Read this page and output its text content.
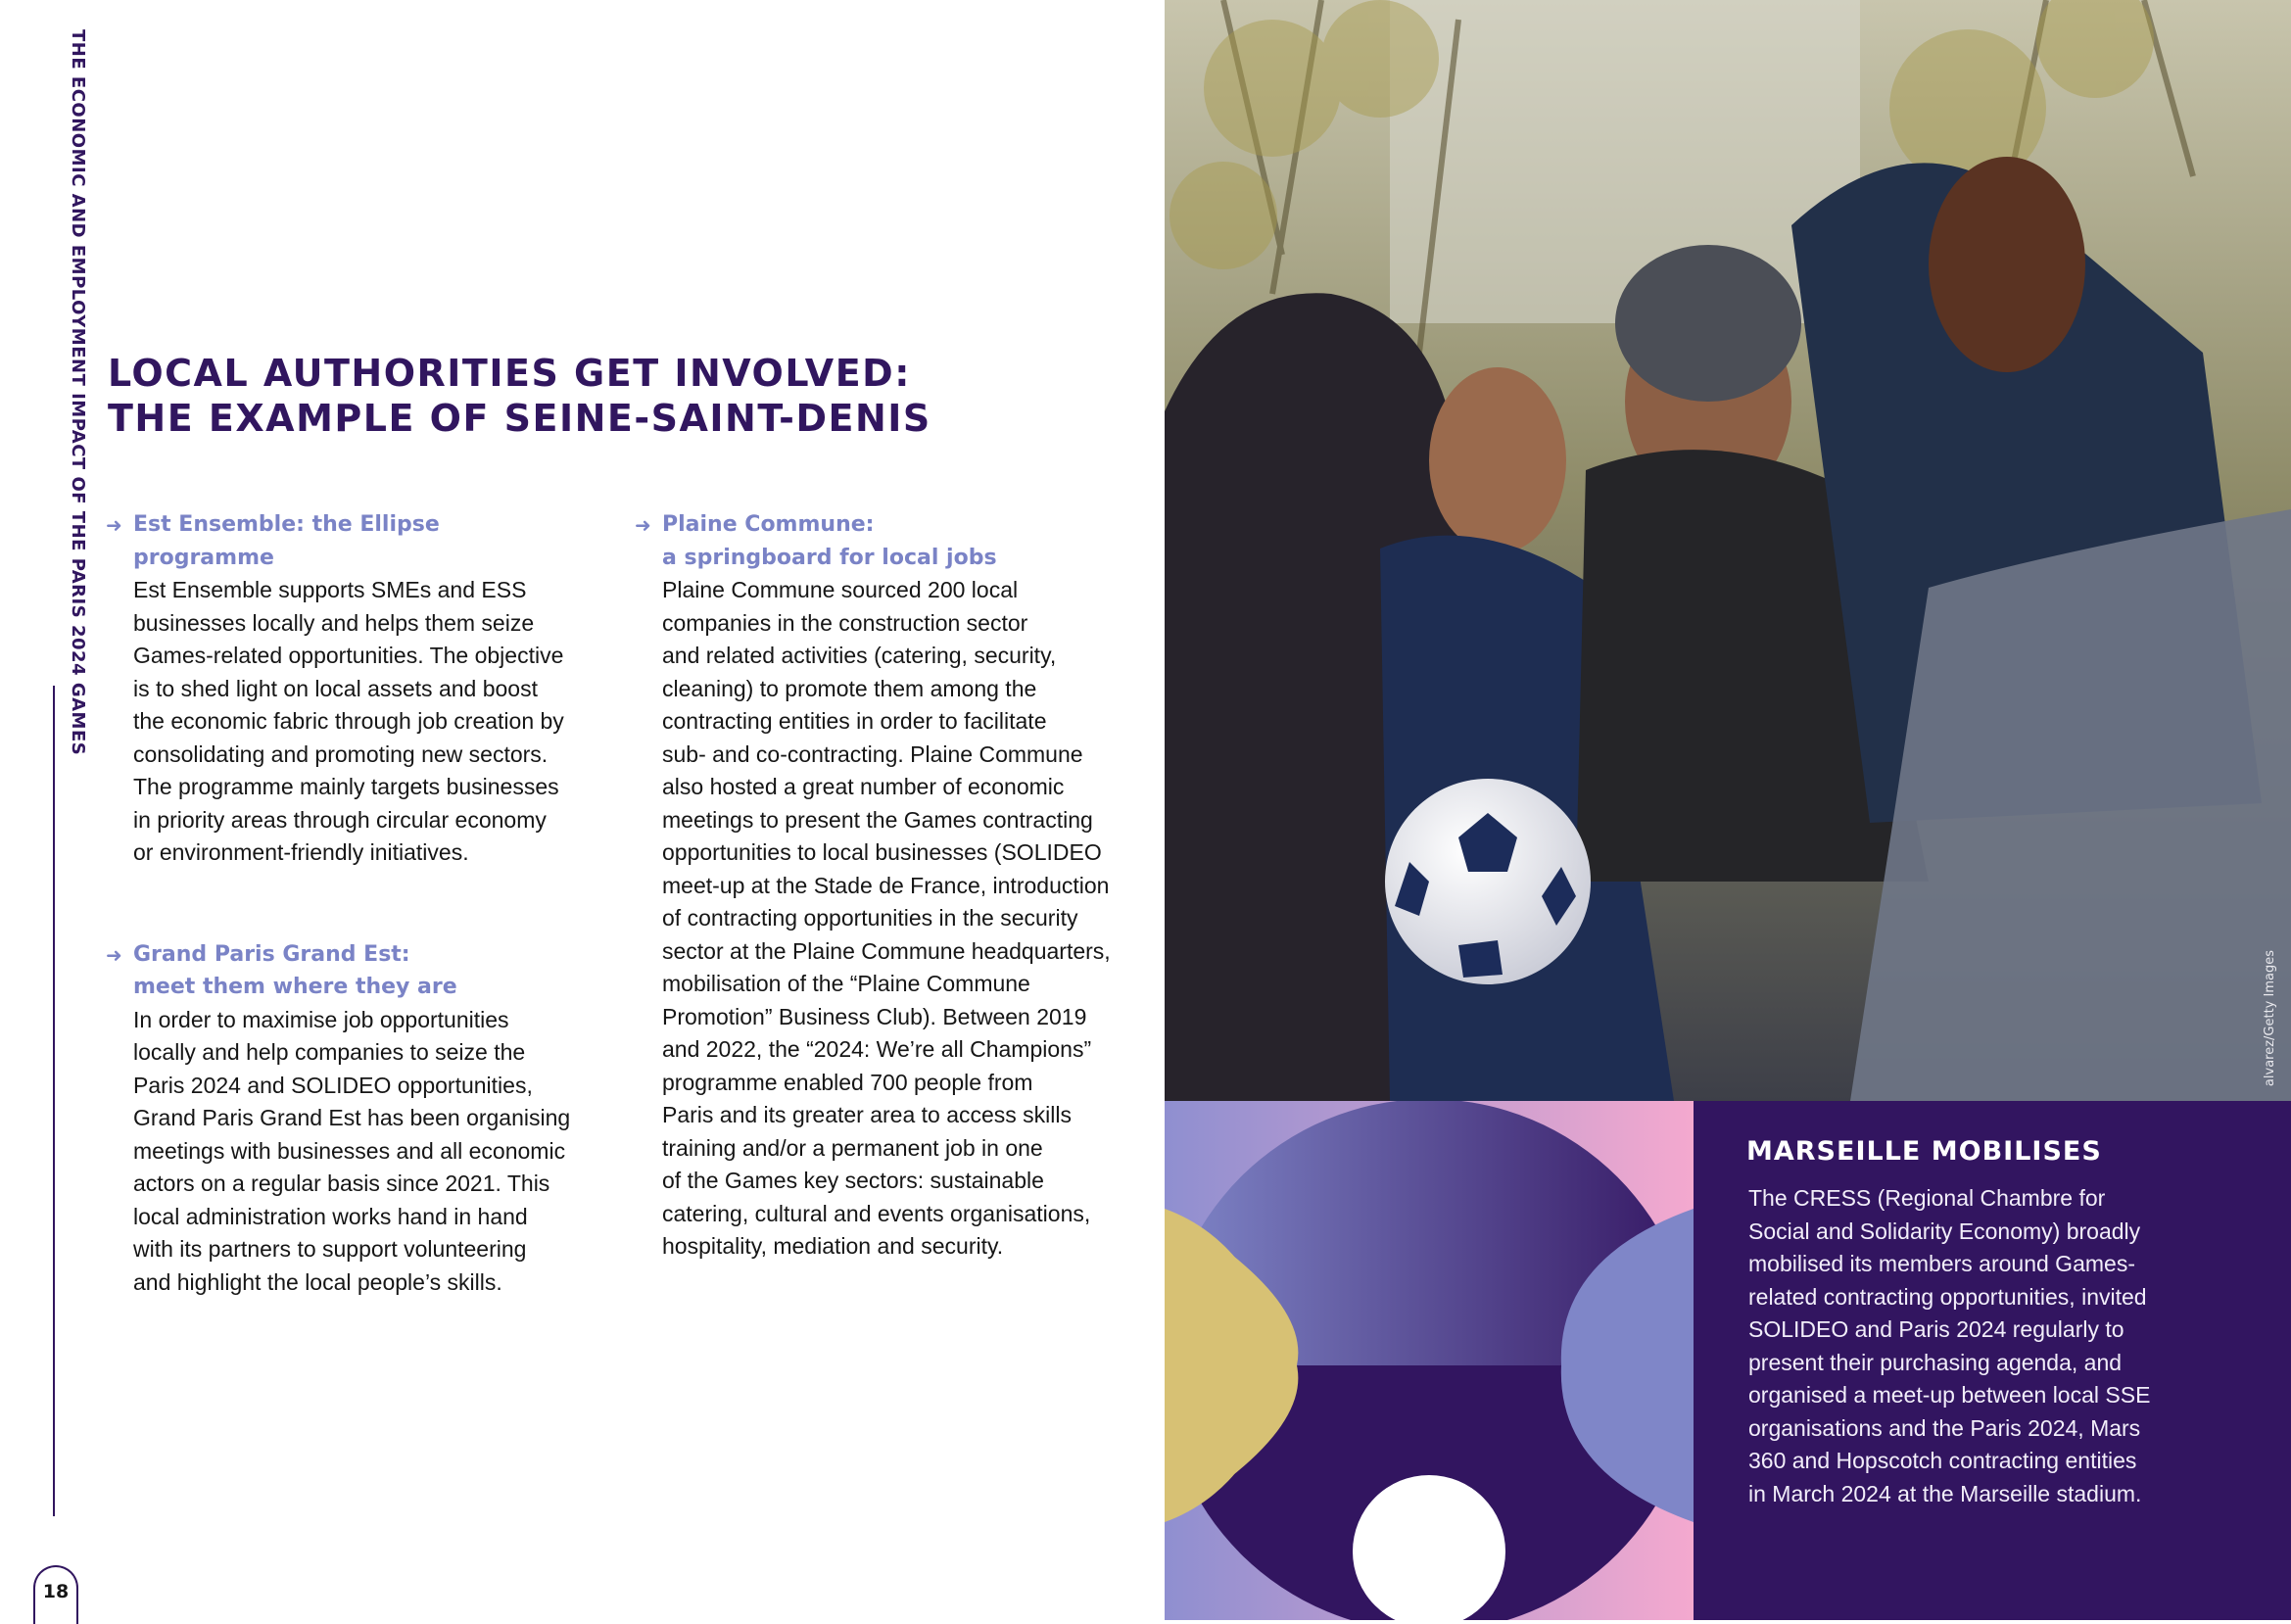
THE ECONOMIC AND EMPLOYMENT IMPACT OF THE PARIS 2024 GAMES
18
LOCAL AUTHORITIES GET INVOLVED:
THE EXAMPLE OF SEINE-SAINT-DENIS
➜ Est Ensemble: the Ellipse programme

Est Ensemble supports SMEs and ESS
businesses locally and helps them seize
Games-related opportunities. The objective
is to shed light on local assets and boost
the economic fabric through job creation by
consolidating and promoting new sectors.
The programme mainly targets businesses
in priority areas through circular economy
or environment-friendly initiatives.

➜ Grand Paris Grand Est:
meet them where they are

In order to maximise job opportunities
locally and help companies to seize the
Paris 2024 and SOLIDEO opportunities,
Grand Paris Grand Est has been organising
meetings with businesses and all economic
actors on a regular basis since 2021. This
local administration works hand in hand
with its partners to support volunteering
and highlight the local people’s skills.

➜ Plaine Commune:
a springboard for local jobs

Plaine Commune sourced 200 local
companies in the construction sector
and related activities (catering, security,
cleaning) to promote them among the
contracting entities in order to facilitate
sub- and co-contracting. Plaine Commune
also hosted a great number of economic
meetings to present the Games contracting
opportunities to local businesses (SOLIDEO
meet-up at the Stade de France, introduction
of contracting opportunities in the security
sector at the Plaine Commune headquarters,
mobilisation of the “Plaine Commune
Promotion” Business Club). Between 2019
and 2022, the “2024: We’re all Champions”
programme enabled 700 people from
Paris and its greater area to access skills
training and/or a permanent job in one
of the Games key sectors: sustainable
catering, cultural and events organisations,
hospitality, mediation and security.

alvarez/Getty Images
MARSEILLE MOBILISES

The CRESS (Regional Chambre for
Social and Solidarity Economy) broadly
mobilised its members around Games-
related contracting opportunities, invited
SOLIDEO and Paris 2024 regularly to
present their purchasing agenda, and
organised a meet-up between local SSE
organisations and the Paris 2024, Mars
360 and Hopscotch contracting entities
in March 2024 at the Marseille stadium.
